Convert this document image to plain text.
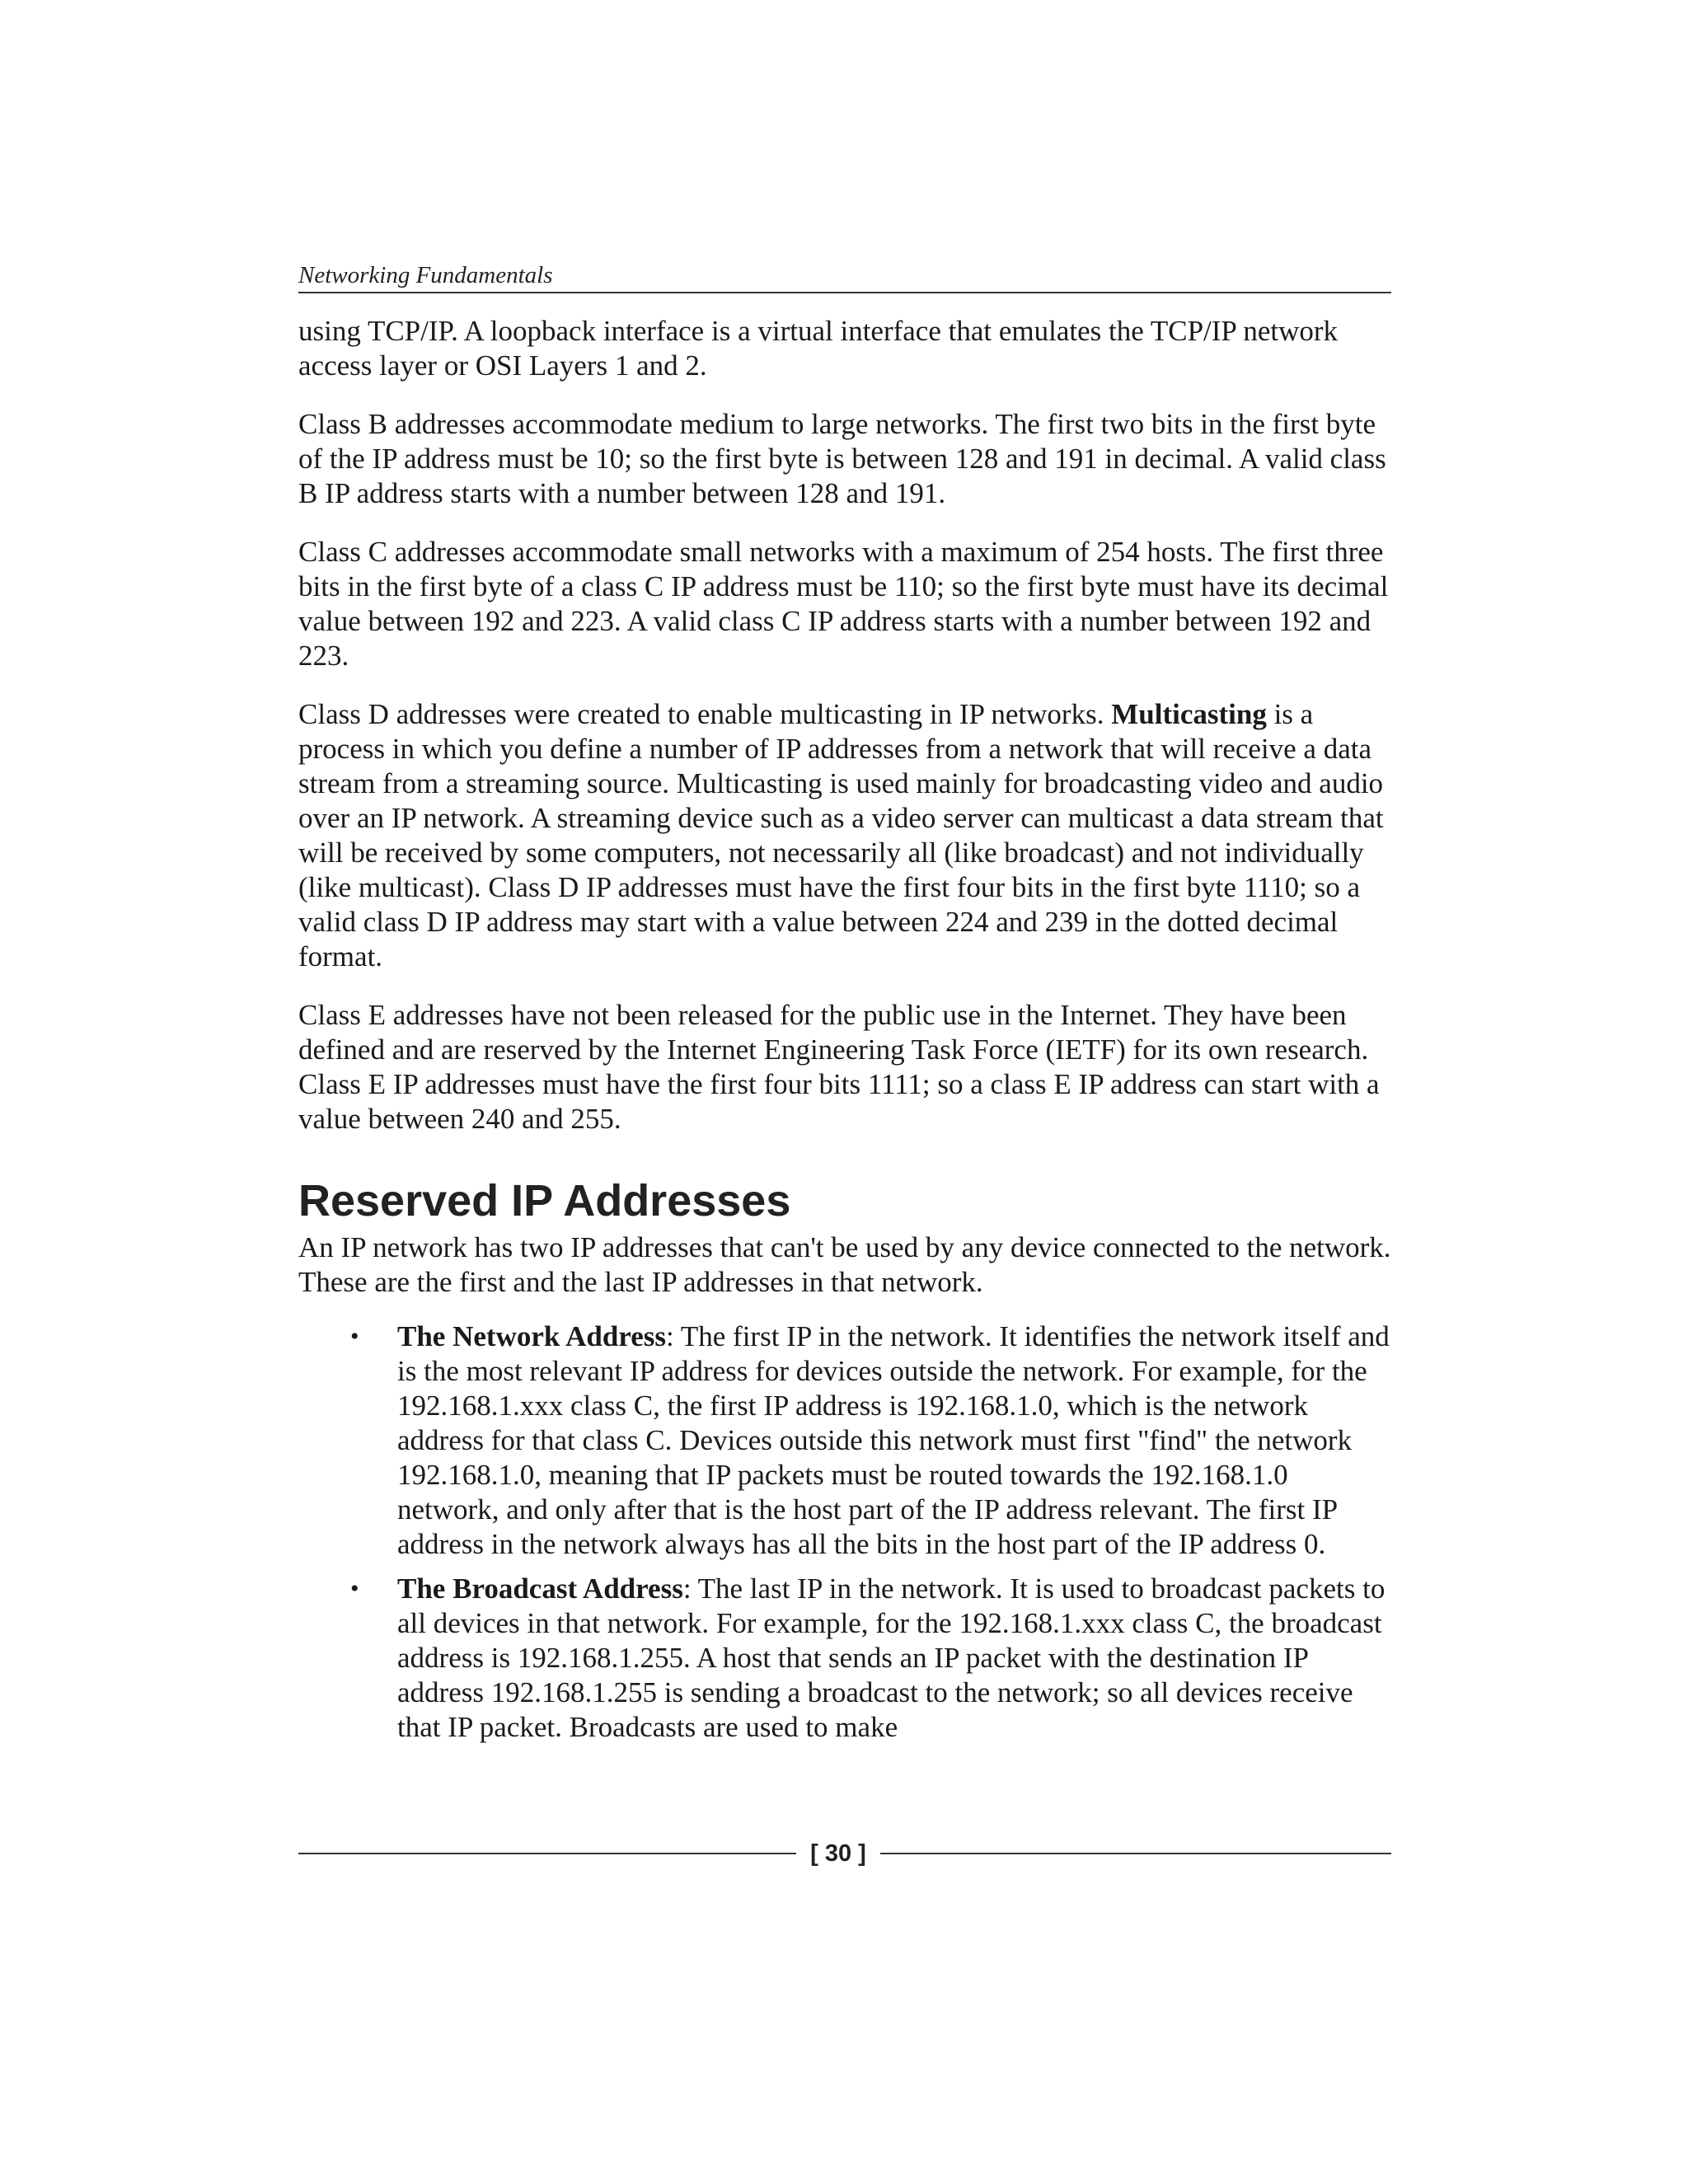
Networking Fundamentals

using TCP/IP. A loopback interface is a virtual interface that emulates the TCP/IP network access layer or OSI Layers 1 and 2.

Class B addresses accommodate medium to large networks. The first two bits in the first byte of the IP address must be 10; so the first byte is between 128 and 191 in decimal. A valid class B IP address starts with a number between 128 and 191.

Class C addresses accommodate small networks with a maximum of 254 hosts. The first three bits in the first byte of a class C IP address must be 110; so the first byte must have its decimal value between 192 and 223. A valid class C IP address starts with a number between 192 and 223.

Class D addresses were created to enable multicasting in IP networks. Multicasting is a process in which you define a number of IP addresses from a network that will receive a data stream from a streaming source. Multicasting is used mainly for broadcasting video and audio over an IP network. A streaming device such as a video server can multicast a data stream that will be received by some computers, not necessarily all (like broadcast) and not individually (like multicast). Class D IP addresses must have the first four bits in the first byte 1110; so a valid class D IP address may start with a value between 224 and 239 in the dotted decimal format.

Class E addresses have not been released for the public use in the Internet. They have been defined and are reserved by the Internet Engineering Task Force (IETF) for its own research. Class E IP addresses must have the first four bits 1111; so a class E IP address can start with a value between 240 and 255.

Reserved IP Addresses

An IP network has two IP addresses that can't be used by any device connected to the network. These are the first and the last IP addresses in that network.

• The Network Address: The first IP in the network. It identifies the network itself and is the most relevant IP address for devices outside the network. For example, for the 192.168.1.xxx class C, the first IP address is 192.168.1.0, which is the network address for that class C. Devices outside this network must first "find" the network 192.168.1.0, meaning that IP packets must be routed towards the 192.168.1.0 network, and only after that is the host part of the IP address relevant. The first IP address in the network always has all the bits in the host part of the IP address 0.
• The Broadcast Address: The last IP in the network. It is used to broadcast packets to all devices in that network. For example, for the 192.168.1.xxx class C, the broadcast address is 192.168.1.255. A host that sends an IP packet with the destination IP address 192.168.1.255 is sending a broadcast to the network; so all devices receive that IP packet. Broadcasts are used to make
[ 30 ]
